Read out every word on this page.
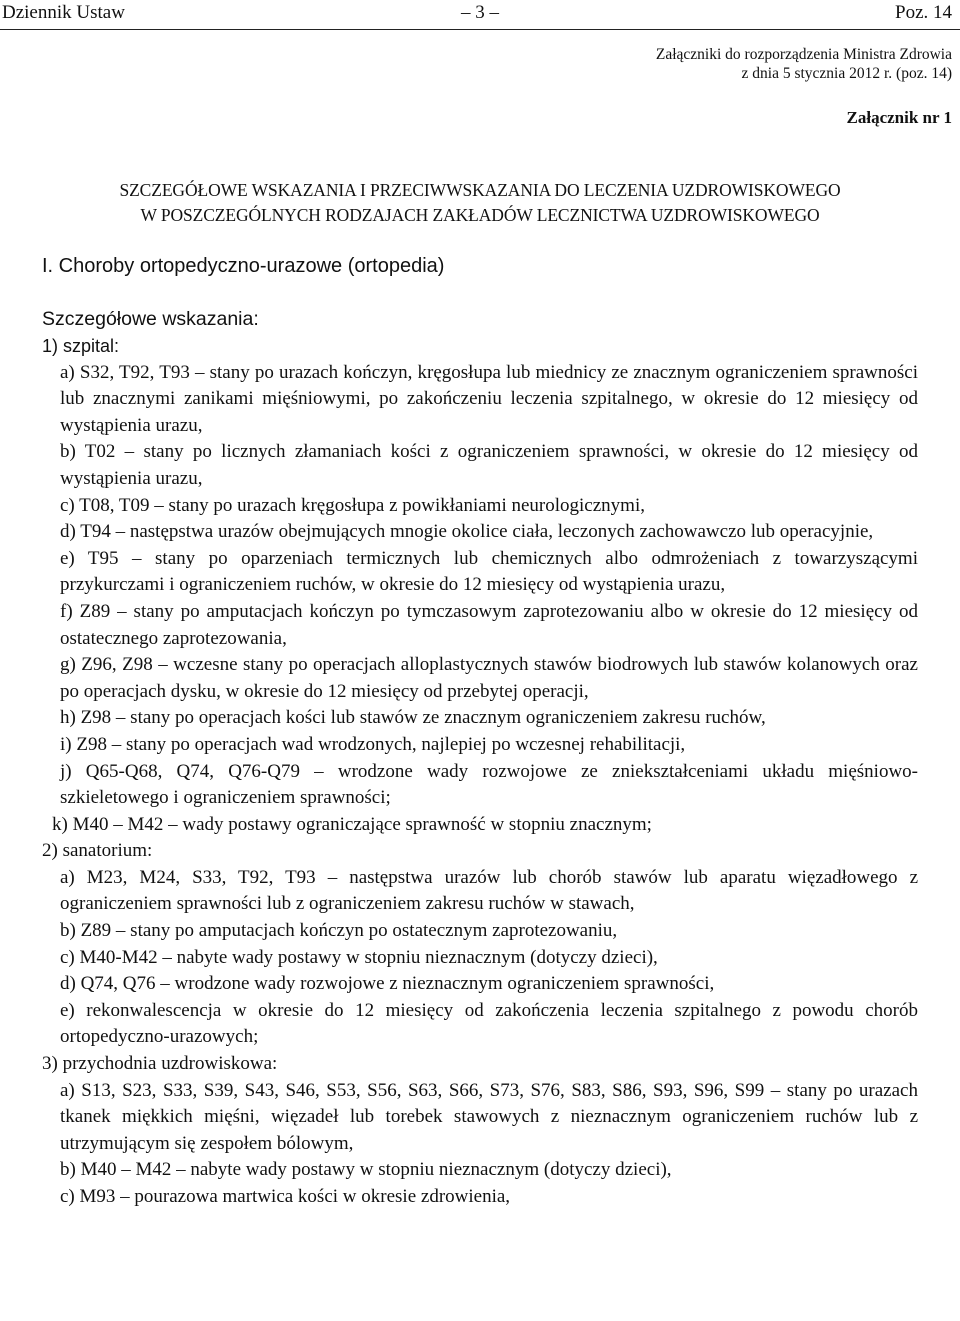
Dziennik Ustaw	– 3 –	Poz. 14
Załączniki do rozporządzenia Ministra Zdrowia
z dnia 5 stycznia 2012 r. (poz. 14)
Załącznik nr 1
SZCZEGÓŁOWE WSKAZANIA I PRZECIWWSKAZANIA DO LECZENIA UZDROWISKOWEGO
W POSZCZEGÓLNYCH RODZAJACH ZAKŁADÓW LECZNICTWA UZDROWISKOWEGO
I. Choroby ortopedyczno-urazowe (ortopedia)
Szczegółowe wskazania:
1) szpital:
a) S32, T92, T93 – stany po urazach kończyn, kręgosłupa lub miednicy ze znacznym ograniczeniem sprawności lub znacznymi zanikami mięśniowymi, po zakończeniu leczenia szpitalnego, w okresie do 12 miesięcy od wystąpienia urazu,
b) T02 – stany po licznych złamaniach kości z ograniczeniem sprawności, w okresie do 12 miesięcy od wystąpienia urazu,
c) T08, T09 – stany po urazach kręgosłupa z powikłaniami neurologicznymi,
d) T94 – następstwa urazów obejmujących mnogie okolice ciała, leczonych zachowawczo lub operacyjnie,
e) T95 – stany po oparzeniach termicznych lub chemicznych albo odmrożeniach z towarzyszącymi przykurczami i ograniczeniem ruchów, w okresie do 12 miesięcy od wystąpienia urazu,
f) Z89 – stany po amputacjach kończyn po tymczasowym zaprotezowaniu albo w okresie do 12 miesięcy od ostatecznego zaprotezowania,
g) Z96, Z98 – wczesne stany po operacjach alloplastycznych stawów biodrowych lub stawów kolanowych oraz po operacjach dysku, w okresie do 12 miesięcy od przebytej operacji,
h) Z98 – stany po operacjach kości lub stawów ze znacznym ograniczeniem zakresu ruchów,
i) Z98 – stany po operacjach wad wrodzonych, najlepiej po wczesnej rehabilitacji,
j) Q65-Q68, Q74, Q76-Q79 – wrodzone wady rozwojowe ze zniekształceniami układu mięśniowo-szkieletowego i ograniczeniem sprawności;
k) M40 – M42 – wady postawy ograniczające sprawność w stopniu znacznym;
2) sanatorium:
a) M23, M24, S33, T92, T93 – następstwa urazów lub chorób stawów lub aparatu więzadłowego z ograniczeniem sprawności lub z ograniczeniem zakresu ruchów w stawach,
b) Z89 – stany po amputacjach kończyn po ostatecznym zaprotezowaniu,
c) M40-M42 – nabyte wady postawy w stopniu nieznacznym (dotyczy dzieci),
d) Q74, Q76 – wrodzone wady rozwojowe z nieznacznym ograniczeniem sprawności,
e) rekonwalescencja w okresie do 12 miesięcy od zakończenia leczenia szpitalnego z powodu chorób ortopedyczno-urazowych;
3) przychodnia uzdrowiskowa:
a) S13, S23, S33, S39, S43, S46, S53, S56, S63, S66, S73, S76, S83, S86, S93, S96, S99 – stany po urazach tkanek miękkich mięśni, więzadeł lub torebek stawowych z nieznacznym ograniczeniem ruchów lub z utrzymującym się zespołem bólowym,
b) M40 – M42 – nabyte wady postawy w stopniu nieznacznym (dotyczy dzieci),
c) M93 – pourazowa martwica kości w okresie zdrowienia,
